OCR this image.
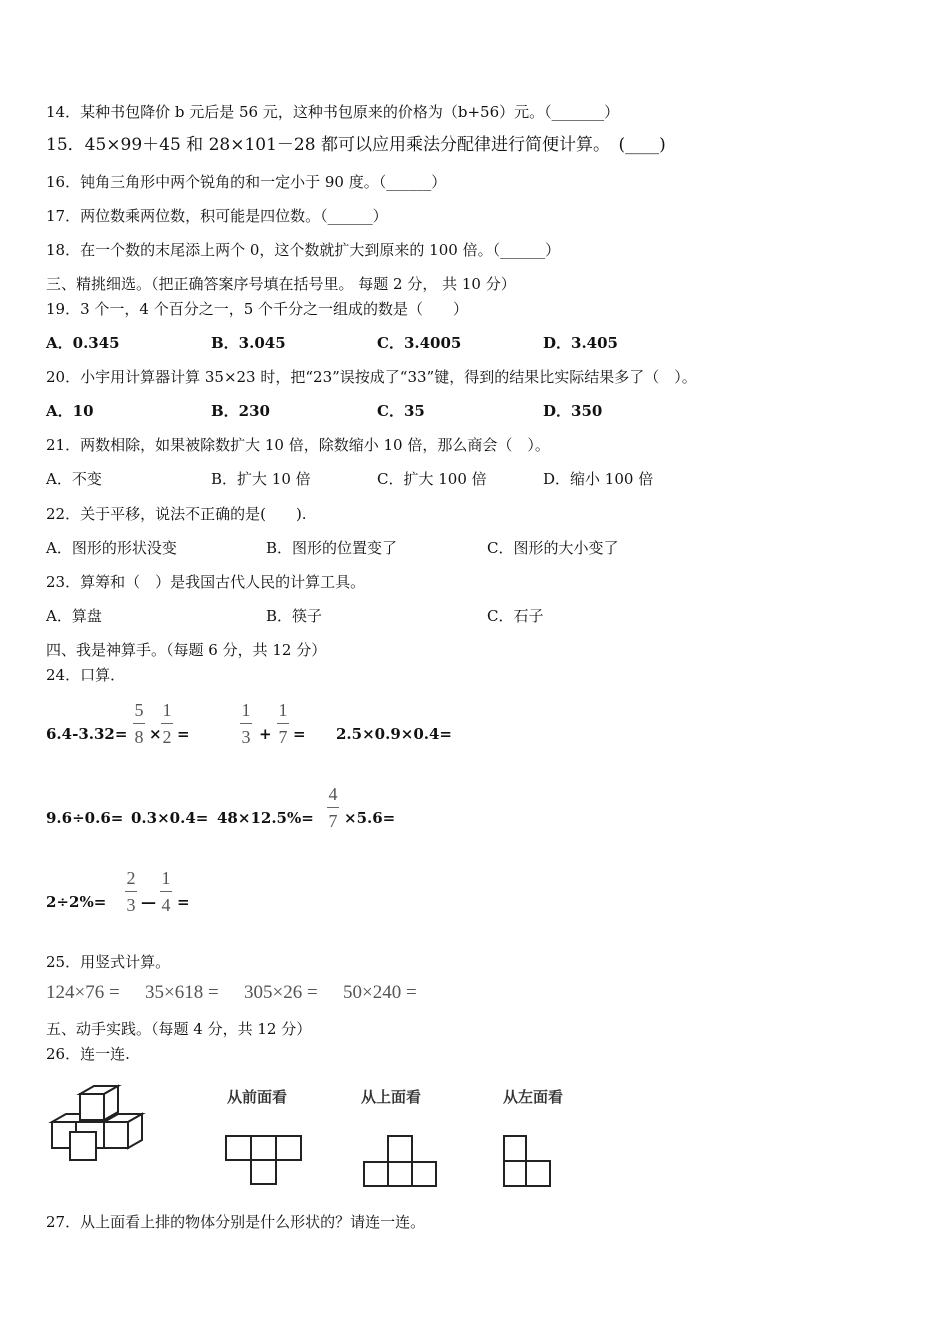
14．某种书包降价 b 元后是 56 元，这种书包原来的价格为（b+56）元。（_______）
15．45×99＋45 和 28×101－28 都可以应用乘法分配律进行简便计算。　(____)
16．钝角三角形中两个锐角的和一定小于 90 度。（______）
17．两位数乘两位数，积可能是四位数。（______）
18．在一个数的末尾添上两个 0，这个数就扩大到原来的 100 倍。（______）
三、精挑细选。（把正确答案序号填在括号里。 每题 2 分， 共 10 分）
19．3 个一，4 个百分之一，5 个千分之一组成的数是（　　）
A．0.345	B．3.045	C．3.4005	D．3.405
20．小宇用计算器计算 35×23 时，把“23”误按成了“33”键，得到的结果比实际结果多了（　）。
A．10	B．230	C．35	D．350
21．两数相除，如果被除数扩大 10 倍，除数缩小 10 倍，那么商会（　）。
A．不变	B．扩大 10 倍	C．扩大 100 倍	D．缩小 100 倍
22．关于平移，说法不正确的是(　　).
A．图形的形状没变	B．图形的位置变了	C．图形的大小变了
23．算筹和（　）是我国古代人民的计算工具。
A．算盘	B．筷子	C．石子
四、我是神算手。（每题 6 分，共 12 分）
24．口算．
6.4-3.32=
5
8 ×
1
2 =
1
3 +
1
7 = 2.5×0.9×0.4=
9.6÷0.6= 0.3×0.4= 48×12.5%=
4
7 ×5.6=
2÷2%=
2
3 —
1
4 =
25．用竖式计算。
124×76 = 35×618 = 305×26 = 50×240 =
五、动手实践。（每题 4 分，共 12 分）
26．连一连.
从前面看	从上面看	从左面看
27．从上面看上排的物体分别是什么形状的？请连一连。
